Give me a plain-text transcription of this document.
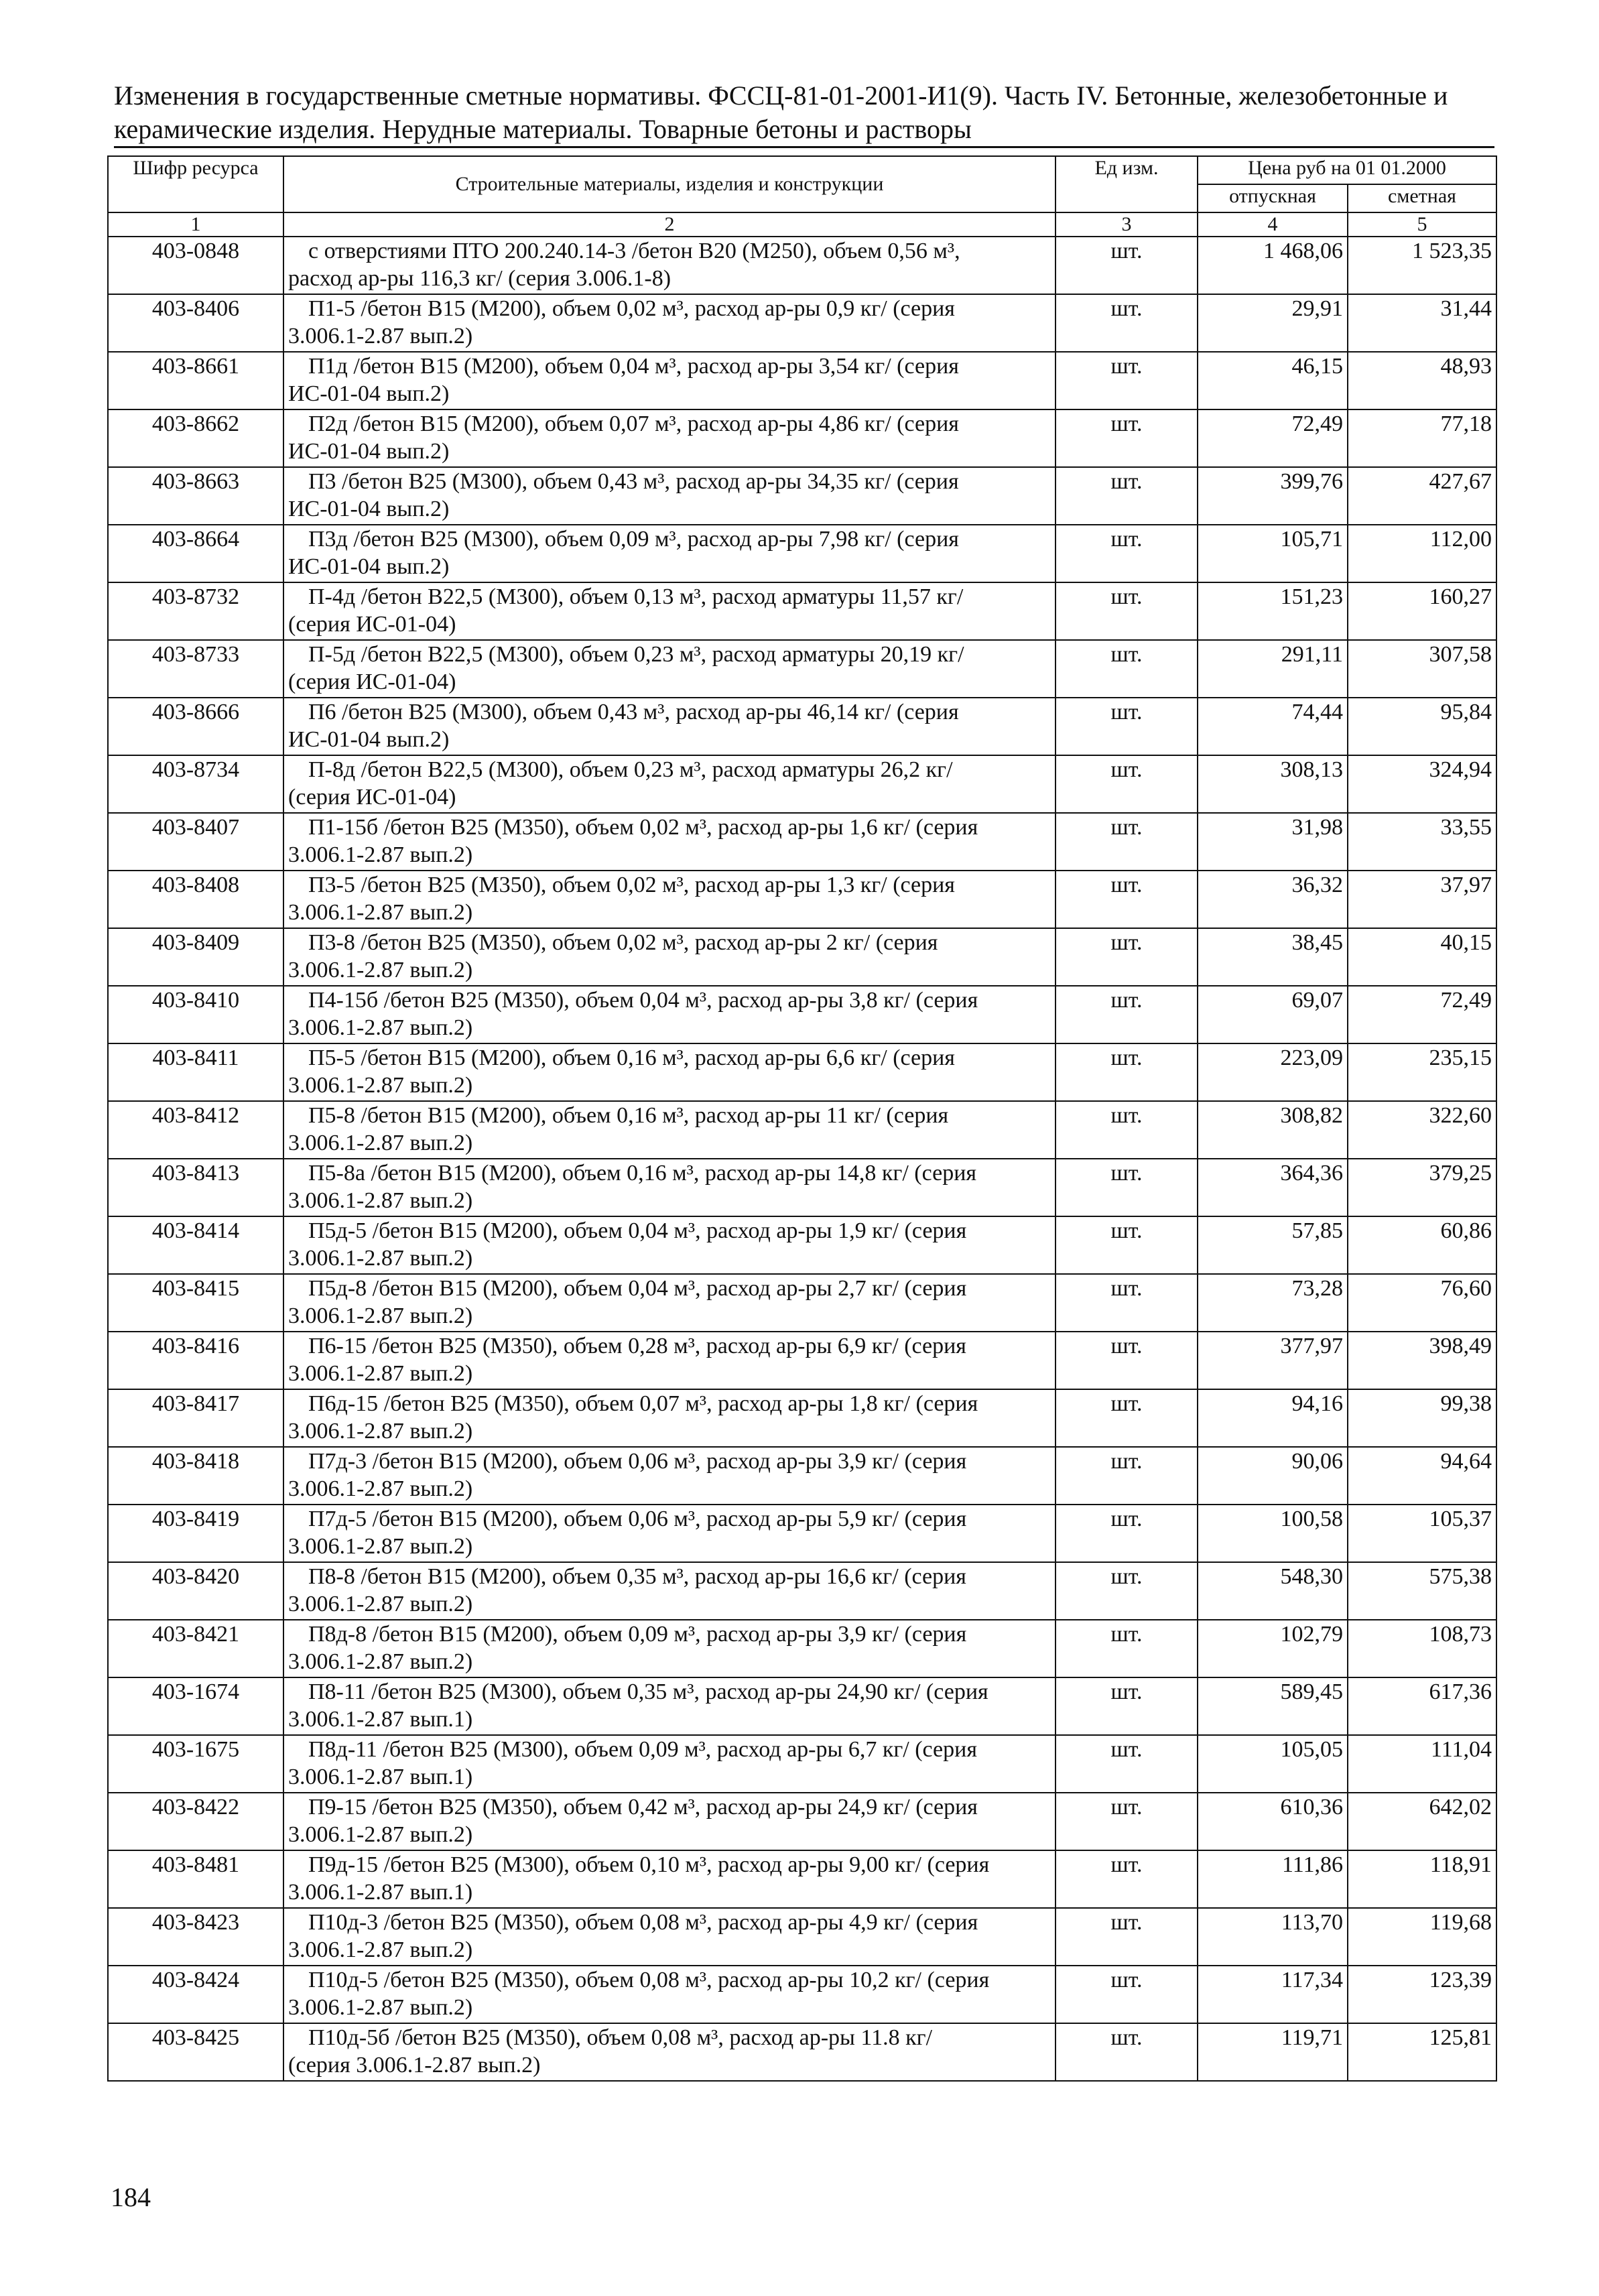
Изменения в государственные сметные нормативы. ФССЦ-81-01-2001-И1(9). Часть IV. Бетонные, железобетонные и
керамические изделия. Нерудные материалы. Товарные бетоны и растворы
Шифр ресурса	Строительные материалы, изделия и конструкции	Ед изм.	Цена руб на 01 01.2000	
			отпускная	сметная
1	2	3	4	5
403-0848	с отверстиями ПТО 200.240.14-3 /бетон В20 (М250), объем 0,56 м³,
расход ар-ры 116,3 кг/ (серия 3.006.1-8)	шт.	1 468,06	1 523,35
403-8406	П1-5 /бетон В15 (М200), объем 0,02 м³, расход ар-ры 0,9 кг/ (серия
3.006.1-2.87 вып.2)	шт.	29,91	31,44
403-8661	П1д /бетон В15 (М200), объем 0,04 м³, расход ар-ры 3,54 кг/ (серия
ИС-01-04 вып.2)	шт.	46,15	48,93
403-8662	П2д /бетон В15 (М200), объем 0,07 м³, расход ар-ры 4,86 кг/ (серия
ИС-01-04 вып.2)	шт.	72,49	77,18
403-8663	П3 /бетон В25 (М300), объем 0,43 м³, расход ар-ры 34,35 кг/ (серия
ИС-01-04 вып.2)	шт.	399,76	427,67
403-8664	П3д /бетон В25 (М300), объем 0,09 м³, расход ар-ры 7,98 кг/ (серия
ИС-01-04 вып.2)	шт.	105,71	112,00
403-8732	П-4д /бетон В22,5 (М300), объем 0,13 м³, расход арматуры 11,57 кг/
(серия ИС-01-04)	шт.	151,23	160,27
403-8733	П-5д /бетон В22,5 (М300), объем 0,23 м³, расход арматуры 20,19 кг/
(серия ИС-01-04)	шт.	291,11	307,58
403-8666	П6 /бетон В25 (М300), объем 0,43 м³, расход ар-ры 46,14 кг/ (серия
ИС-01-04 вып.2)	шт.	74,44	95,84
403-8734	П-8д /бетон В22,5 (М300), объем 0,23 м³, расход арматуры 26,2 кг/
(серия ИС-01-04)	шт.	308,13	324,94
403-8407	П1-15б /бетон В25 (М350), объем 0,02 м³, расход ар-ры 1,6 кг/ (серия
3.006.1-2.87 вып.2)	шт.	31,98	33,55
403-8408	П3-5 /бетон В25 (М350), объем 0,02 м³, расход ар-ры 1,3 кг/ (серия
3.006.1-2.87 вып.2)	шт.	36,32	37,97
403-8409	П3-8 /бетон В25 (М350), объем 0,02 м³, расход ар-ры 2 кг/ (серия
3.006.1-2.87 вып.2)	шт.	38,45	40,15
403-8410	П4-15б /бетон В25 (М350), объем 0,04 м³, расход ар-ры 3,8 кг/ (серия
3.006.1-2.87 вып.2)	шт.	69,07	72,49
403-8411	П5-5 /бетон В15 (М200), объем 0,16 м³, расход ар-ры 6,6 кг/ (серия
3.006.1-2.87 вып.2)	шт.	223,09	235,15
403-8412	П5-8 /бетон В15 (М200), объем 0,16 м³, расход ар-ры 11 кг/ (серия
3.006.1-2.87 вып.2)	шт.	308,82	322,60
403-8413	П5-8а /бетон В15 (М200), объем 0,16 м³, расход ар-ры 14,8 кг/ (серия
3.006.1-2.87 вып.2)	шт.	364,36	379,25
403-8414	П5д-5 /бетон В15 (М200), объем 0,04 м³, расход ар-ры 1,9 кг/ (серия
3.006.1-2.87 вып.2)	шт.	57,85	60,86
403-8415	П5д-8 /бетон В15 (М200), объем 0,04 м³, расход ар-ры 2,7 кг/ (серия
3.006.1-2.87 вып.2)	шт.	73,28	76,60
403-8416	П6-15 /бетон В25 (М350), объем 0,28 м³, расход ар-ры 6,9 кг/ (серия
3.006.1-2.87 вып.2)	шт.	377,97	398,49
403-8417	П6д-15 /бетон В25 (М350), объем 0,07 м³, расход ар-ры 1,8 кг/ (серия
3.006.1-2.87 вып.2)	шт.	94,16	99,38
403-8418	П7д-3 /бетон В15 (М200), объем 0,06 м³, расход ар-ры 3,9 кг/ (серия
3.006.1-2.87 вып.2)	шт.	90,06	94,64
403-8419	П7д-5 /бетон В15 (М200), объем 0,06 м³, расход ар-ры 5,9 кг/ (серия
3.006.1-2.87 вып.2)	шт.	100,58	105,37
403-8420	П8-8 /бетон В15 (М200), объем 0,35 м³, расход ар-ры 16,6 кг/ (серия
3.006.1-2.87 вып.2)	шт.	548,30	575,38
403-8421	П8д-8 /бетон В15 (М200), объем 0,09 м³, расход ар-ры 3,9 кг/ (серия
3.006.1-2.87 вып.2)	шт.	102,79	108,73
403-1674	П8-11 /бетон В25 (М300), объем 0,35 м³, расход ар-ры 24,90 кг/ (серия
3.006.1-2.87 вып.1)	шт.	589,45	617,36
403-1675	П8д-11 /бетон В25 (М300), объем 0,09 м³, расход ар-ры 6,7 кг/ (серия
3.006.1-2.87 вып.1)	шт.	105,05	111,04
403-8422	П9-15 /бетон В25 (М350), объем 0,42 м³, расход ар-ры 24,9 кг/ (серия
3.006.1-2.87 вып.2)	шт.	610,36	642,02
403-8481	П9д-15 /бетон В25 (М300), объем 0,10 м³, расход ар-ры 9,00 кг/ (серия
3.006.1-2.87 вып.1)	шт.	111,86	118,91
403-8423	П10д-3 /бетон В25 (М350), объем 0,08 м³, расход ар-ры 4,9 кг/ (серия
3.006.1-2.87 вып.2)	шт.	113,70	119,68
403-8424	П10д-5 /бетон В25 (М350), объем 0,08 м³, расход ар-ры 10,2 кг/ (серия
3.006.1-2.87 вып.2)	шт.	117,34	123,39
403-8425	П10д-5б /бетон В25 (М350), объем 0,08 м³, расход ар-ры 11.8 кг/
(серия 3.006.1-2.87 вып.2)	шт.	119,71	125,81
184
